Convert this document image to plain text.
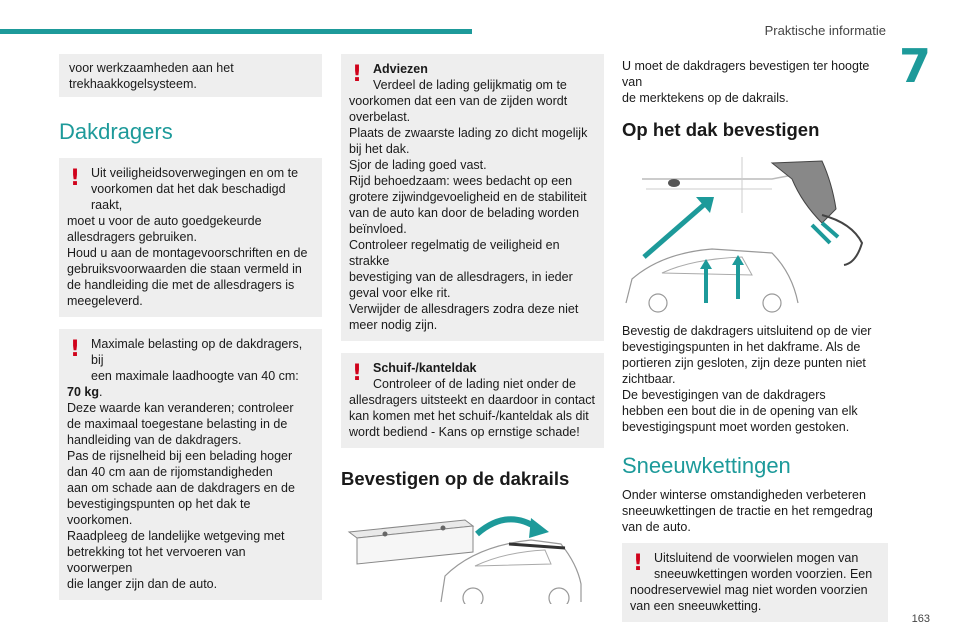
Praktische informatie
7
163
voor werkzaamheden aan het
trekhaakkogelsysteem.
Dakdragers
! Uit veiligheidsoverwegingen en om te
voorkomen dat het dak beschadigd raakt,
moet u voor de auto goedgekeurde
allesdragers gebruiken.
Houd u aan de montagevoorschriften en de
gebruiksvoorwaarden die staan vermeld in
de handleiding die met de allesdragers is
meegeleverd.
! Maximale belasting op de dakdragers, bij
een maximale laadhoogte van 40 cm:
70 kg.
Deze waarde kan veranderen; controleer
de maximaal toegestane belasting in de
handleiding van de dakdragers.
Pas de rijsnelheid bij een belading hoger
dan 40 cm aan de rijomstandigheden
aan om schade aan de dakdragers en de
bevestigingspunten op het dak te voorkomen.
Raadpleeg de landelijke wetgeving met
betrekking tot het vervoeren van voorwerpen
die langer zijn dan de auto.
! Adviezen
Verdeel de lading gelijkmatig om te
voorkomen dat een van de zijden wordt
overbelast.
Plaats de zwaarste lading zo dicht mogelijk
bij het dak.
Sjor de lading goed vast.
Rijd behoedzaam: wees bedacht op een
grotere zijwindgevoeligheid en de stabiliteit
van de auto kan door de belading worden
beïnvloed.
Controleer regelmatig de veiligheid en strakke
bevestiging van de allesdragers, in ieder
geval voor elke rit.
Verwijder de allesdragers zodra deze niet
meer nodig zijn.
! Schuif-/kanteldak
Controleer of de lading niet onder de
allesdragers uitsteekt en daardoor in contact
kan komen met het schuif-/kanteldak als dit
wordt bediend - Kans op ernstige schade!
Bevestigen op de dakrails

U moet de dakdragers bevestigen ter hoogte van
de merktekens op de dakrails.

Op het dak bevestigen

Bevestig de dakdragers uitsluitend op de vier
bevestigingspunten in het dakframe. Als de
portieren zijn gesloten, zijn deze punten niet
zichtbaar.
De bevestigingen van de dakdragers
hebben een bout die in de opening van elk
bevestigingspunt moet worden gestoken.

Sneeuwkettingen

Onder winterse omstandigheden verbeteren
sneeuwkettingen de tractie en het remgedrag
van de auto.

! Uitsluitend de voorwielen mogen van
sneeuwkettingen worden voorzien. Een
noodreservewiel mag niet worden voorzien
van een sneeuwketting.
